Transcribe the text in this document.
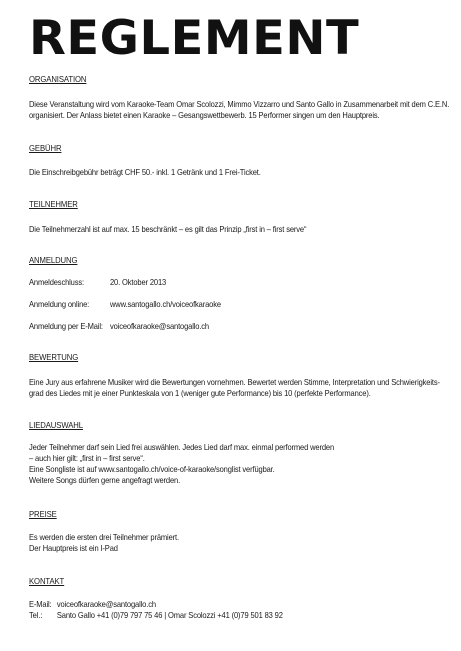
REGLEMENT
ORGANISATION
Diese Veranstaltung wird vom Karaoke-Team Omar Scolozzi, Mimmo Vizzarro und Santo Gallo in Zusammenarbeit mit dem C.E.N.
organisiert. Der Anlass bietet einen Karaoke – Gesangswettbewerb. 15 Performer singen um den Hauptpreis.
GEBÜHR
Die Einschreibgebühr beträgt CHF 50.- inkl. 1 Getränk und 1 Frei-Ticket.
TEILNEHMER
Die Teilnehmerzahl ist auf max. 15 beschränkt – es gilt das Prinzip „first in – first serve“
ANMELDUNG
Anmeldeschluss:	20. Oktober 2013
Anmeldung online: www.santogallo.ch/voiceofkaraoke
Anmeldung per E-Mail: voiceofkaraoke@santogallo.ch
BEWERTUNG
Eine Jury aus erfahrene Musiker wird die Bewertungen vornehmen. Bewertet werden Stimme, Interpretation und Schwierigkeits-
grad des Liedes mit je einer Punkteskala von 1 (weniger gute Performance) bis 10 (perfekte Performance).
LIEDAUSWAHL
Jeder Teilnehmer darf sein Lied frei auswählen. Jedes Lied darf max. einmal performed werden
– auch hier gilt: „first in – first serve“.
Eine Songliste ist auf www.santogallo.ch/voice-of-karaoke/songlist verfügbar.
Weitere Songs dürfen gerne angefragt werden.
PREISE
Es werden die ersten drei Teilnehmer prämiert.
Der Hauptpreis ist ein I-Pad
KONTAKT
E-Mail: voiceofkaraoke@santogallo.ch
Tel.: Santo Gallo +41 (0)79 797 75 46 | Omar Scolozzi +41 (0)79 501 83 92
